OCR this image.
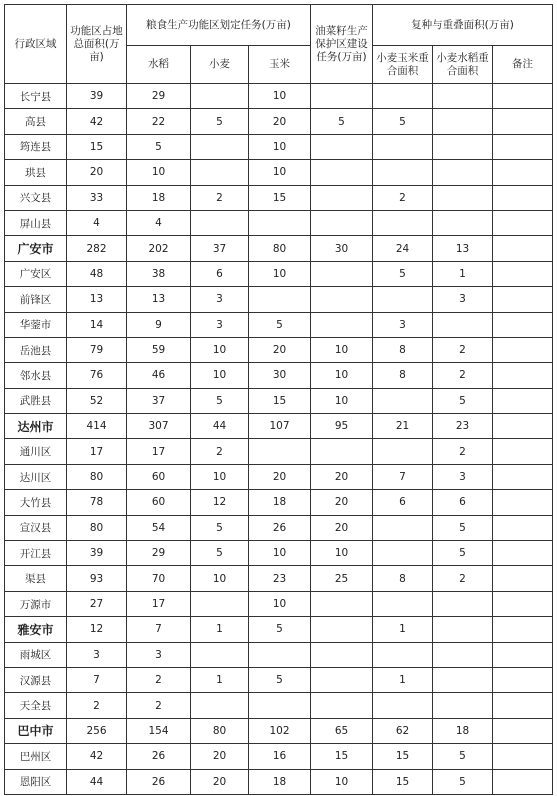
行政区域	功能区占地总面积(万亩)	粮食生产功能区划定任务(万亩)			油菜籽生产保护区建设任务(万亩)	复种与重叠面积(万亩)		
		水稻	小麦	玉米		小麦玉米重合面积	小麦水稻重合面积	备注
长宁县	39	29		10				
高县	42	22	5	20	5	5		
筠连县	15	5		10				
珙县	20	10		10				
兴文县	33	18	2	15		2		
屏山县	4	4						
广安市	282	202	37	80	30	24	13	
广安区	48	38	6	10		5	1	
前锋区	13	13	3				3	
华蓥市	14	9	3	5		3		
岳池县	79	59	10	20	10	8	2	
邻水县	76	46	10	30	10	8	2	
武胜县	52	37	5	15	10		5	
达州市	414	307	44	107	95	21	23	
通川区	17	17	2				2	
达川区	80	60	10	20	20	7	3	
大竹县	78	60	12	18	20	6	6	
宣汉县	80	54	5	26	20		5	
开江县	39	29	5	10	10		5	
渠县	93	70	10	23	25	8	2	
万源市	27	17		10				
雅安市	12	7	1	5		1		
雨城区	3	3						
汉源县	7	2	1	5		1		
天全县	2	2						
巴中市	256	154	80	102	65	62	18	
巴州区	42	26	20	16	15	15	5	
恩阳区	44	26	20	18	10	15	5	
